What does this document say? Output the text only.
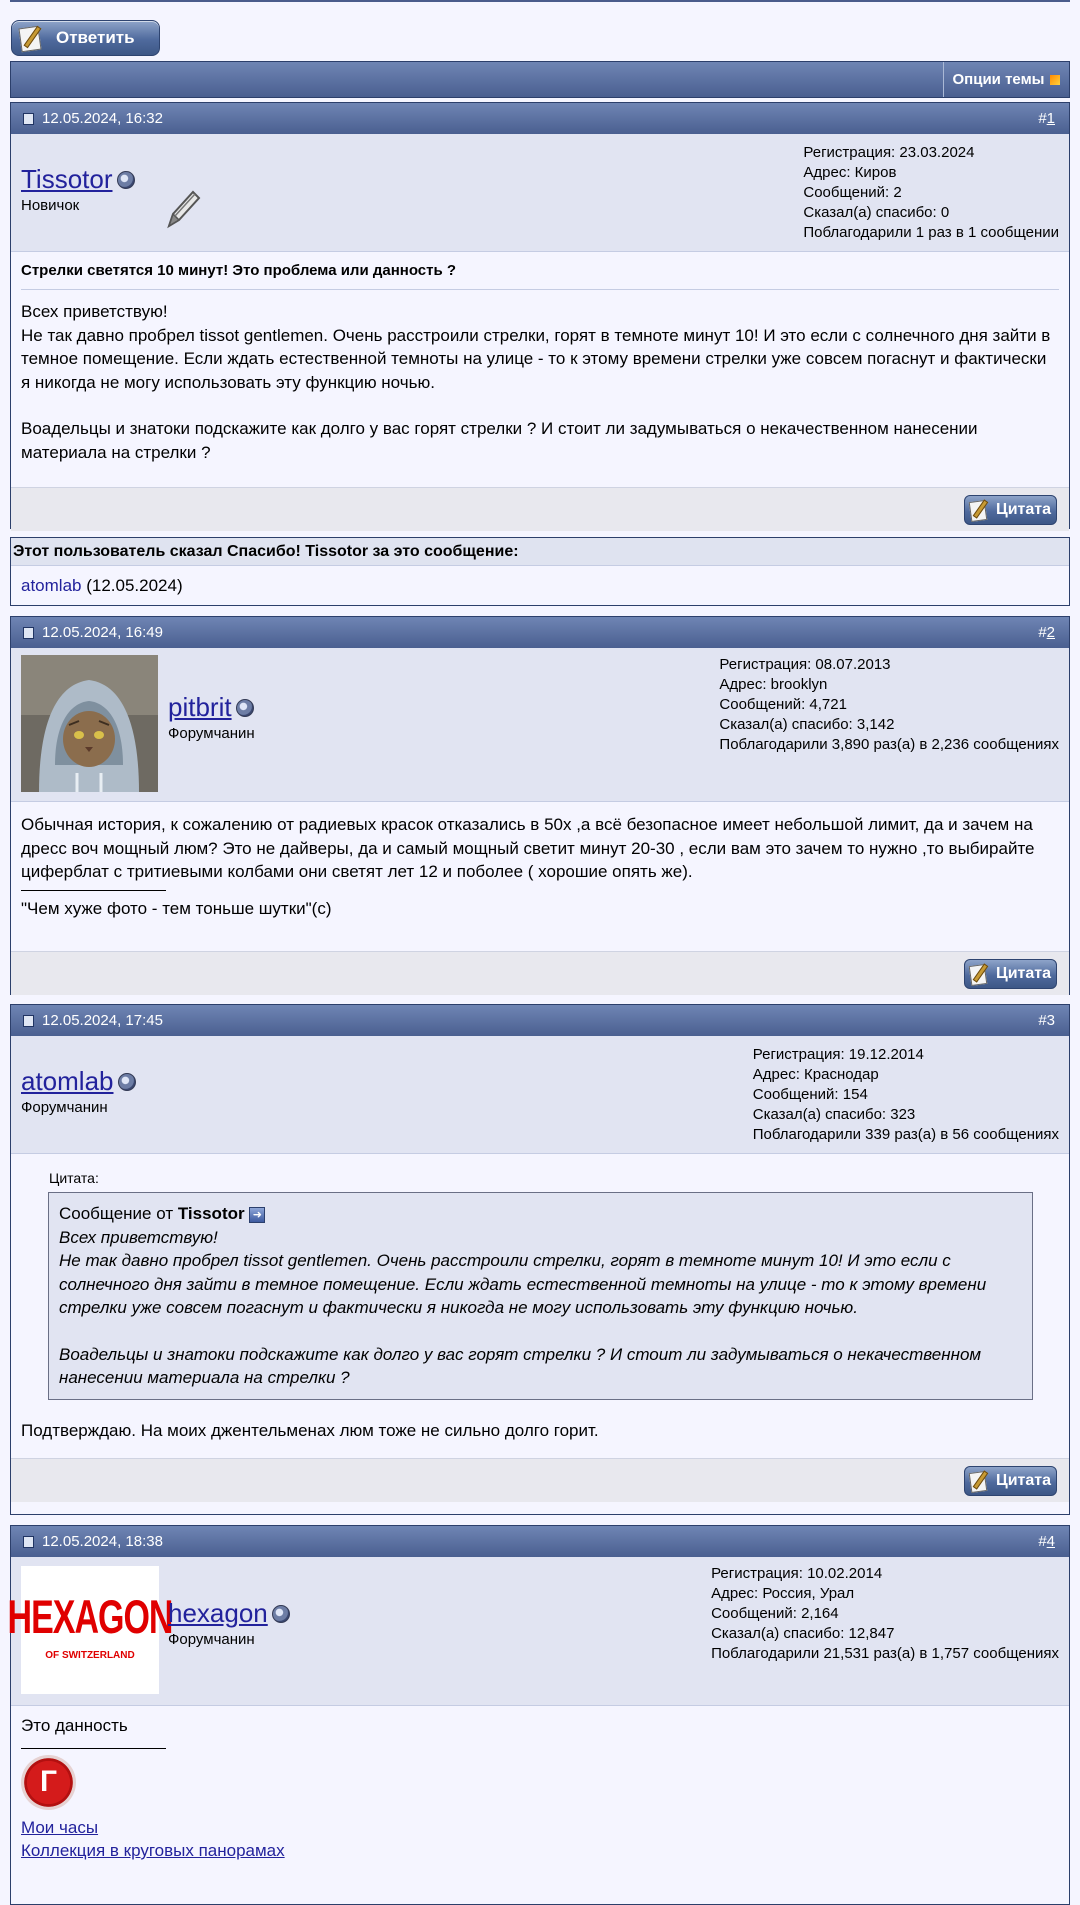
Ответить
Опции темы
12.05.2024, 16:32	#1
Tissotor
Новичок
Регистрация: 23.03.2024
Адрес: Киров
Сообщений: 2
Сказал(а) спасибо: 0
Поблагодарили 1 раз в 1 сообщении
Стрелки светятся 10 минут! Это проблема или данность ?
Всех приветствую!
Не так давно пробрел tissot gentlemen. Очень расстроили стрелки, горят в темноте минут 10! И это если с солнечного дня зайти в темное помещение. Если ждать естественной темноты на улице - то к этому времени стрелки уже совсем погаснут и фактически я никогда не могу использовать эту функцию ночью.
Воадельцы и знатоки подскажите как долго у вас горят стрелки ? И стоит ли задумываться о некачественном нанесении материала на стрелки ?
Цитата
Этот пользователь сказал Спасибо! Tissotor за это сообщение:
atomlab (12.05.2024)
12.05.2024, 16:49	#2
pitbrit
Форумчанин
Регистрация: 08.07.2013
Адрес: brooklyn
Сообщений: 4,721
Сказал(а) спасибо: 3,142
Поблагодарили 3,890 раз(а) в 2,236 сообщениях
Обычная история, к сожалению от радиевых красок отказались в 50х ,а всё безопасное имеет небольшой лимит, да и зачем на дресс воч мощный люм? Это не дайверы, да и самый мощный светит минут 20-30 , если вам это зачем то нужно ,то выбирайте циферблат с тритиевыми колбами они светят лет 12 и поболее ( хорошие опять же).
"Чем хуже фото - тем тоньше шутки"(с)
Цитата
12.05.2024, 17:45	#3
atomlab
Форумчанин
Регистрация: 19.12.2014
Адрес: Краснодар
Сообщений: 154
Сказал(а) спасибо: 323
Поблагодарили 339 раз(а) в 56 сообщениях
Цитата:
Сообщение от Tissotor ➜
Всех приветствую!
Не так давно пробрел tissot gentlemen. Очень расстроили стрелки, горят в темноте минут 10! И это если с солнечного дня зайти в темное помещение. Если ждать естественной темноты на улице - то к этому времени стрелки уже совсем погаснут и фактически я никогда не могу использовать эту функцию ночью.
Воадельцы и знатоки подскажите как долго у вас горят стрелки ? И стоит ли задумываться о некачественном нанесении материала на стрелки ?
Подтверждаю. На моих джентельменах люм тоже не сильно долго горит.
Цитата
12.05.2024, 18:38	#4
HEXAGON
OF SWITZERLAND
hexagon
Форумчанин
Регистрация: 10.02.2014
Адрес: Россия, Урал
Сообщений: 2,164
Сказал(а) спасибо: 12,847
Поблагодарили 21,531 раз(а) в 1,757 сообщениях
Это данность
Г
Мои часы
Коллекция в круговых панорамах
